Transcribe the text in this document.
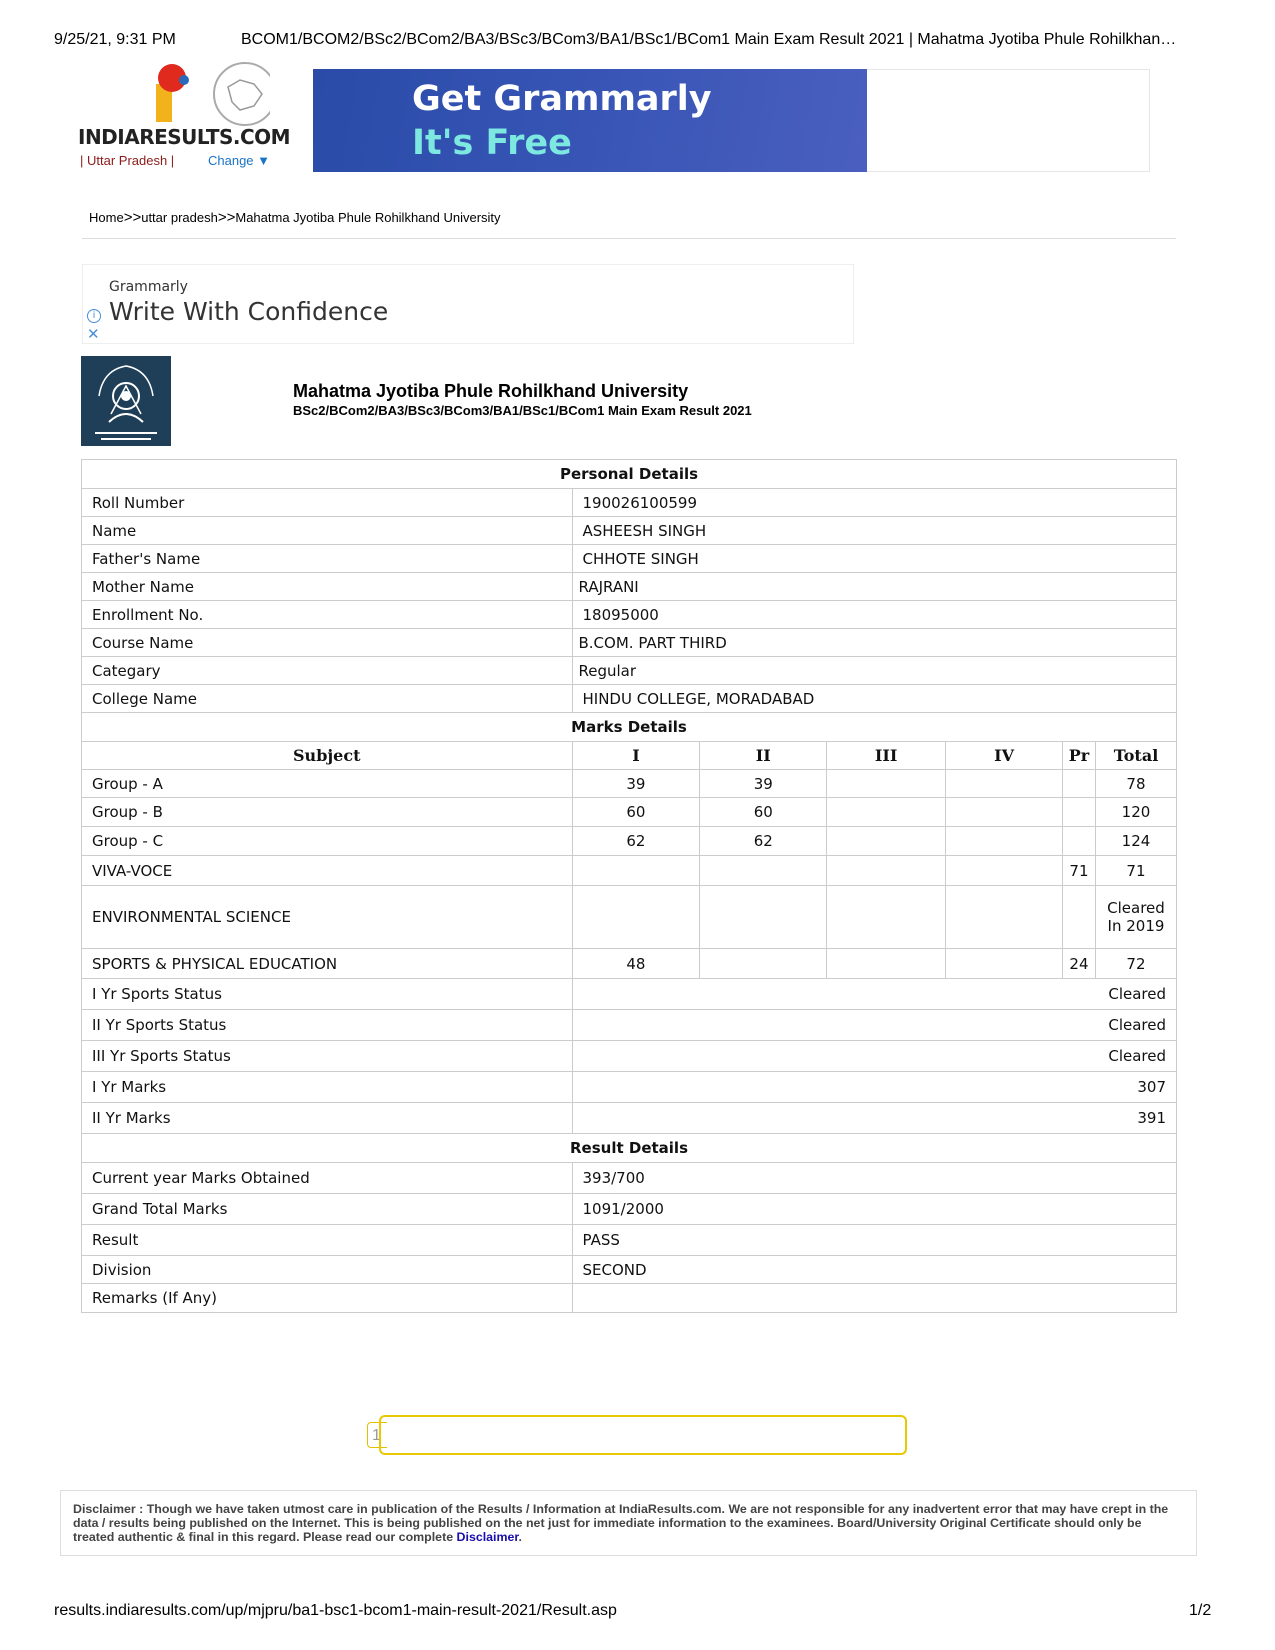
9/25/21, 9:31 PM	BCOM1/BCOM2/BSc2/BCom2/BA3/BSc3/BCom3/BA1/BSc1/BCom1 Main Exam Result 2021 | Mahatma Jyotiba Phule Rohilkhan…
INDIARESULTS.COM
| Uttar Pradesh |	Change ▼
Get Grammarly
It's Free
Home>>uttar pradesh>>Mahatma Jyotiba Phule Rohilkhand University
Grammarly
Write With Confidence
i
✕
Mahatma Jyotiba Phule Rohilkhand University
BSc2/BCom2/BA3/BSc3/BCom3/BA1/BSc1/BCom1 Main Exam Result 2021
Personal Details						
Roll Number	190026100599					
Name	ASHEESH SINGH					
Father's Name	CHHOTE SINGH					
Mother Name	RAJRANI					
Enrollment No.	18095000					
Course Name	B.COM. PART THIRD					
Categary	Regular					
College Name	HINDU COLLEGE, MORADABAD					
Marks Details						
Subject	I	II	III	IV	Pr	Total
Group - A	39	39				78
Group - B	60	60				120
Group - C	62	62				124
VIVA-VOCE					71	71
ENVIRONMENTAL SCIENCE						Cleared In 2019
SPORTS & PHYSICAL EDUCATION	48				24	72
I Yr Sports Status	Cleared					
II Yr Sports Status	Cleared					
III Yr Sports Status	Cleared					
I Yr Marks	307					
II Yr Marks	391					
Result Details						
Current year Marks Obtained	393/700					
Grand Total Marks	1091/2000					
Result	PASS					
Division	SECOND					
Remarks (If Any)						
1
Disclaimer : Though we have taken utmost care in publication of the Results / Information at IndiaResults.com. We are not responsible for any inadvertent error that may have crept in the data / results being published on the Internet. This is being published on the net just for immediate information to the examinees. Board/University Original Certificate should only be treated authentic & final in this regard. Please read our complete Disclaimer.
results.indiaresults.com/up/mjpru/ba1-bsc1-bcom1-main-result-2021/Result.asp	1/2
